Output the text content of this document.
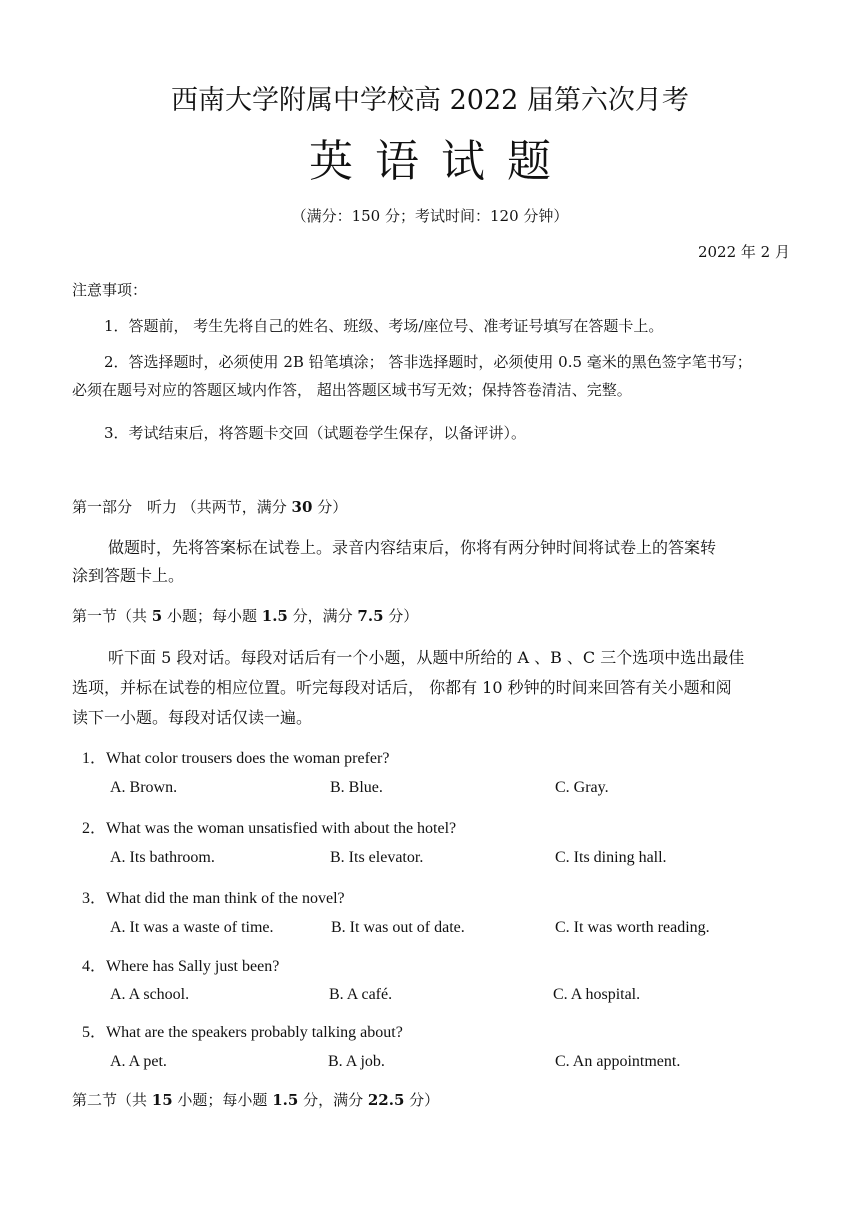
西南大学附属中学校高 2022 届第六次月考
英语试题
（满分：150 分；考试时间：120 分钟）
2022 年 2 月
注意事项：
1．答题前， 考生先将自己的姓名、班级、考场/座位号、准考证号填写在答题卡上。
2．答选择题时，必须使用 2B 铅笔填涂； 答非选择题时，必须使用 0.5 毫米的黑色签字笔书写；
必须在题号对应的答题区域内作答， 超出答题区域书写无效；保持答卷清洁、完整。
3．考试结束后，将答题卡交回（试题卷学生保存，以备评讲）。
第一部分　听力 （共两节，满分 30 分）
做题时，先将答案标在试卷上。录音内容结束后，你将有两分钟时间将试卷上的答案转
涂到答题卡上。
第一节（共 5 小题；每小题 1.5 分，满分 7.5 分）
听下面 5 段对话。每段对话后有一个小题，从题中所给的 A 、B 、C 三个选项中选出最佳
选项，并标在试卷的相应位置。听完每段对话后， 你都有 10 秒钟的时间来回答有关小题和阅
读下一小题。每段对话仅读一遍。
1．What color trousers does the woman prefer?
A. Brown.	B. Blue.	C. Gray.
2．What was the woman unsatisfied with about the hotel?
A. Its bathroom.	B. Its elevator.	C. Its dining hall.
3．What did the man think of the novel?
A. It was a waste of time.	B. It was out of date.	C. It was worth reading.
4．Where has Sally just been?
A. A school.	B. A café.	C. A hospital.
5．What are the speakers probably talking about?
A. A pet.	B. A job.	C. An appointment.
第二节（共 15 小题；每小题 1.5 分，满分 22.5 分）
